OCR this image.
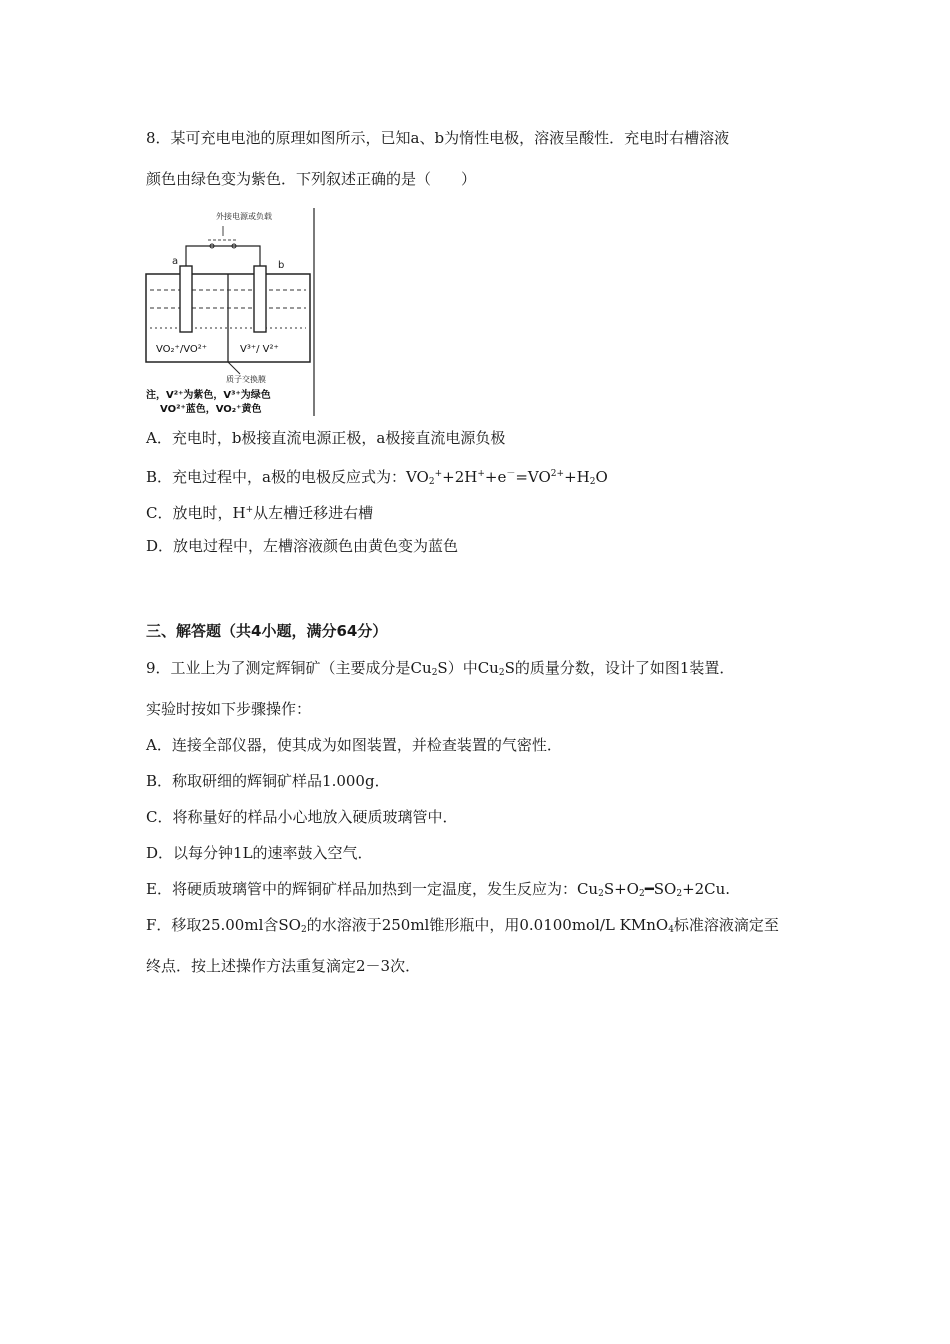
8．某可充电电池的原理如图所示，已知a、b为惰性电极，溶液呈酸性．充电时右槽溶液
颜色由绿色变为紫色．下列叙述正确的是（　　）
外接电源或负载
a	b
VO₂⁺/VO²⁺	V³⁺/ V²⁺
质子交换膜
注，V²⁺为紫色，V³⁺为绿色
VO²⁺蓝色，VO₂⁺黄色
A．充电时，b极接直流电源正极，a极接直流电源负极
B．充电过程中，a极的电极反应式为：$VO_2^++2H^++e^-=VO^{2+}+H_2O$
C．放电时，H+从左槽迁移进右槽
D．放电过程中，左槽溶液颜色由黄色变为蓝色
三、解答题（共4小题，满分64分）
9．工业上为了测定辉铜矿（主要成分是$Cu_2S$）中$Cu_2S$的质量分数，设计了如图1装置．
实验时按如下步骤操作：
A．连接全部仪器，使其成为如图装置，并检查装置的气密性．
B．称取研细的辉铜矿样品1.000g．
C．将称量好的样品小心地放入硬质玻璃管中．
D．以每分钟1L的速率鼓入空气．
E．将硬质玻璃管中的辉铜矿样品加热到一定温度，发生反应为：$Cu_2S+O_2━SO_2+2Cu$.
F．移取25.00ml含$SO_2$的水溶液于250ml锥形瓶中，用0.0100mol/L KMnO$_4$标准溶液滴定至
终点．按上述操作方法重复滴定2－3次．
